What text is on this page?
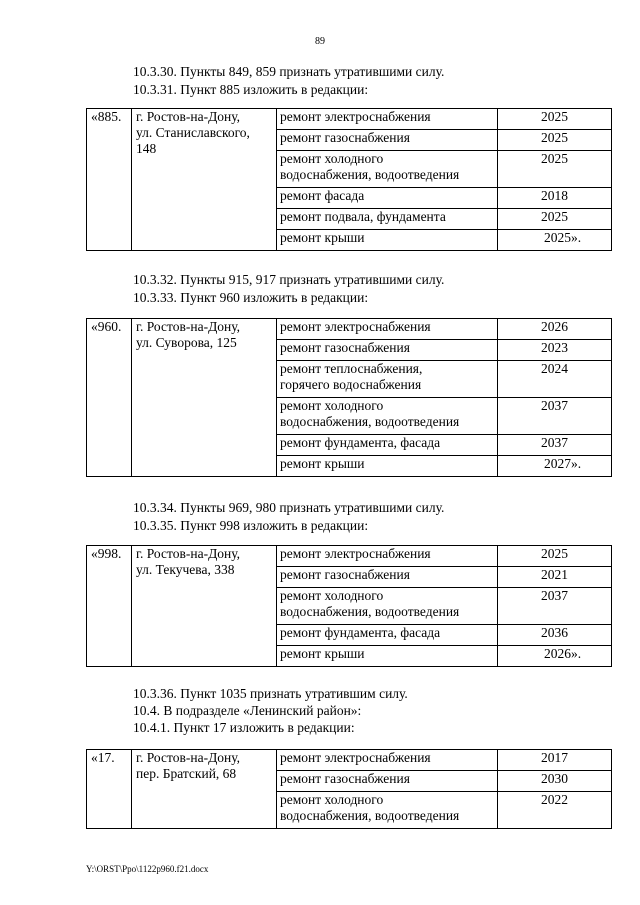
89
10.3.30. Пункты 849, 859 признать утратившими силу.
10.3.31. Пункт 885 изложить в редакции:
«885.	г. Ростов-на-Дону,
ул. Станиславского,
148	ремонт электроснабжения	2025
		ремонт газоснабжения	2025

		ремонт холодного
водоснабжения, водоотведения	2025
		ремонт фасада	2018
		ремонт подвала, фундамента	2025
		ремонт крыши	2025».
10.3.32. Пункты 915, 917 признать утратившими силу.
10.3.33. Пункт 960 изложить в редакции:
«960.	г. Ростов-на-Дону,
ул. Суворова, 125	ремонт электроснабжения	2026
		ремонт газоснабжения	2023

		ремонт теплоснабжения,
горячего водоснабжения	2024

		ремонт холодного
водоснабжения, водоотведения	2037
		ремонт фундамента, фасада	2037
		ремонт крыши	2027».
10.3.34. Пункты 969, 980 признать утратившими силу.
10.3.35. Пункт 998 изложить в редакции:
«998.	г. Ростов-на-Дону,
ул. Текучева, 338	ремонт электроснабжения	2025
		ремонт газоснабжения	2021

		ремонт холодного
водоснабжения, водоотведения	2037
		ремонт фундамента, фасада	2036
		ремонт крыши	2026».
10.3.36. Пункт 1035 признать утратившим силу.
10.4. В подразделе «Ленинский район»:
10.4.1. Пункт 17 изложить в редакции:
«17.	г. Ростов-на-Дону,
пер. Братский, 68	ремонт электроснабжения	2017
		ремонт газоснабжения	2030

		ремонт холодного
водоснабжения, водоотведения	2022
Y:\ORST\Ppo\1122p960.f21.docx
